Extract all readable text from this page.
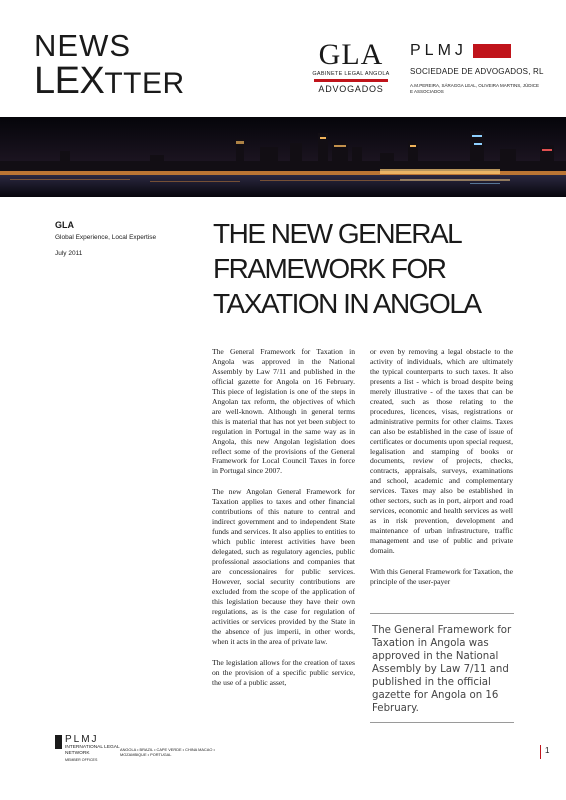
NEWS
LEXTTER
GLA
GABINETE LEGAL ANGOLA
ADVOGADOS
PLMJ
SOCIEDADE DE ADVOGADOS, RL
A.M.PEREIRA, SÁRAGGA LEAL, OLIVEIRA MARTINS, JÚDICE E ASSOCIADOS
GLA
Global Experience, Local Expertise
July 2011
THE NEW GENERAL
FRAMEWORK FOR
TAXATION IN ANGOLA

The General Framework for Taxation in Angola was approved in the National Assembly by Law 7/11 and published in the official gazette for Angola on 16 February. This piece of legislation is one of the steps in Angolan tax reform, the objectives of which are well-known. Although in general terms this is material that has not yet been subject to regulation in Portugal in the same way as in Angola, this new Angolan legislation does reflect some of the provisions of the General Framework for Local Council Taxes in force in Portugal since 2007.

The new Angolan General Framework for Taxation applies to taxes and other financial contributions of this nature to central and indirect government and to independent State funds and services. It also applies to entities to which public interest activities have been delegated, such as regulatory agencies, public professional associations and companies that are concessionaires for public services. However, social security contributions are excluded from the scope of the application of this legislation because they have their own regulations, as is the case for regulation of activities or services provided by the State in the absence of jus imperii, in other words, when it acts in the area of private law.

The legislation allows for the creation of taxes on the provision of a specific public service, the use of a public asset,

or even by removing a legal obstacle to the activity of individuals, which are ultimately the typical counterparts to such taxes. It also presents a list - which is broad despite being merely illustrative - of the taxes that can be created, such as those relating to the procedures, licences, visas, registrations or administrative permits for other claims. Taxes can also be established in the case of issue of certificates or documents upon special request, legalisation and stamping of books or documents, review of projects, checks, contracts, appraisals, surveys, examinations and school, academic and complementary services. Taxes may also be established in other sectors, such as in port, airport and road services, economic and health services as well as in risk prevention, development and maintenance of urban infrastructure, traffic management and use of public and private domain.

With this General Framework for Taxation, the principle of the user-payer

The General Framework for Taxation in Angola was approved in the National Assembly by Law 7/11 and published in the official gazette for Angola on 16 February.
PLMJ
INTERNATIONAL LEGAL NETWORK
MEMBER OFFICES
ANGOLA • BRAZIL • CAPE VERDE • CHINA MACAO • MOZAMBIQUE • PORTUGAL	1
